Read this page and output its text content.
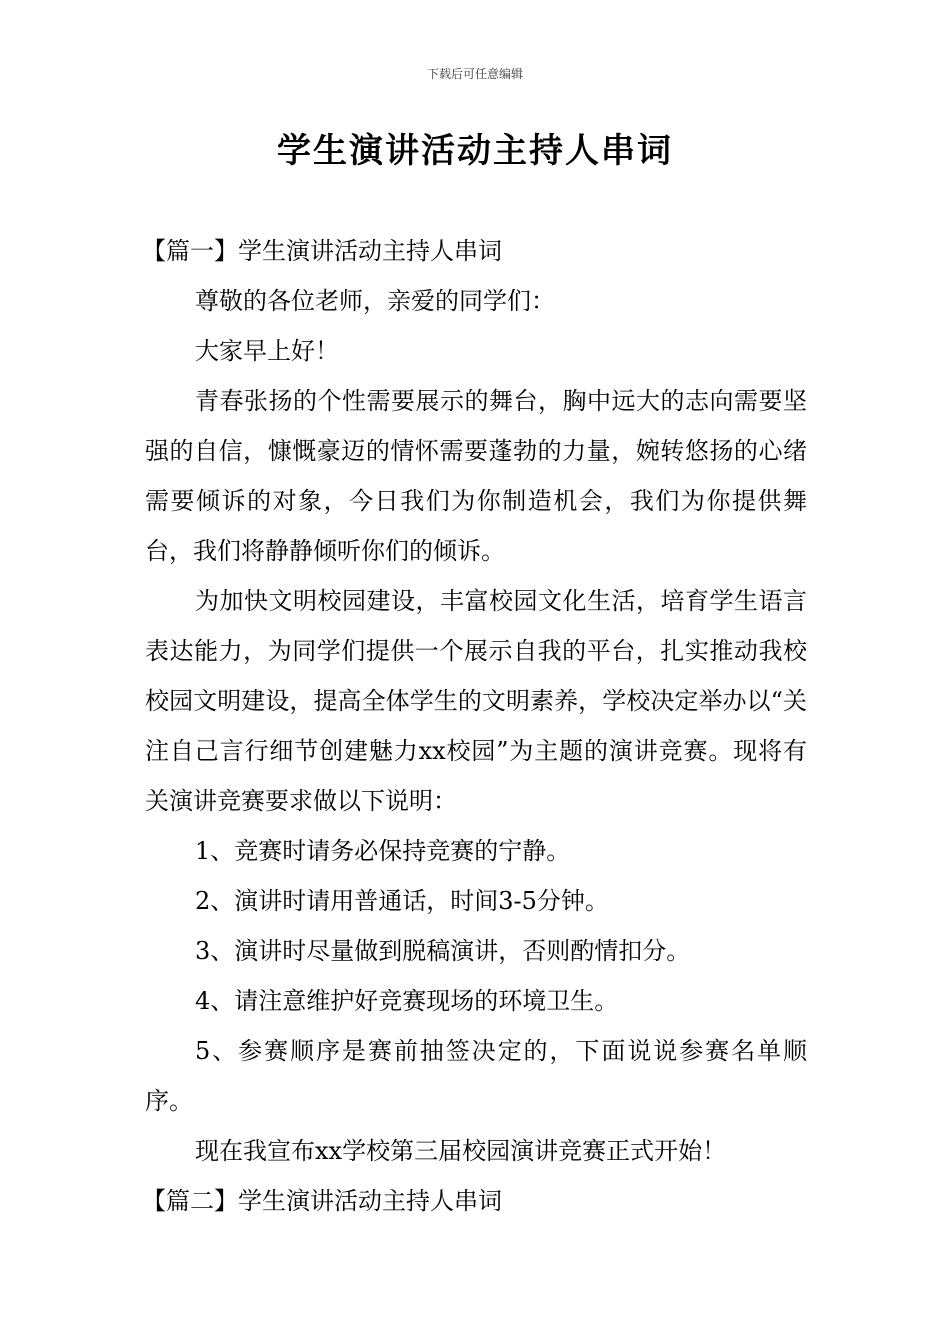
下载后可任意编辑
学生演讲活动主持人串词

【篇一】学生演讲活动主持人串词

尊敬的各位老师，亲爱的同学们：

大家早上好！

青春张扬的个性需要展示的舞台，胸中远大的志向需要坚强的自信，慷慨豪迈的情怀需要蓬勃的力量，婉转悠扬的心绪需要倾诉的对象，今日我们为你制造机会，我们为你提供舞台，我们将静静倾听你们的倾诉。

为加快文明校园建设，丰富校园文化生活，培育学生语言表达能力，为同学们提供一个展示自我的平台，扎实推动我校校园文明建设，提高全体学生的文明素养，学校决定举办以“关注自己言行细节创建魅力xx校园”为主题的演讲竞赛。现将有关演讲竞赛要求做以下说明：

1、竞赛时请务必保持竞赛的宁静。

2、演讲时请用普通话，时间3-5分钟。

3、演讲时尽量做到脱稿演讲，否则酌情扣分。

4、请注意维护好竞赛现场的环境卫生。

5、参赛顺序是赛前抽签决定的，下面说说参赛名单顺序。

现在我宣布xx学校第三届校园演讲竞赛正式开始！

【篇二】学生演讲活动主持人串词
